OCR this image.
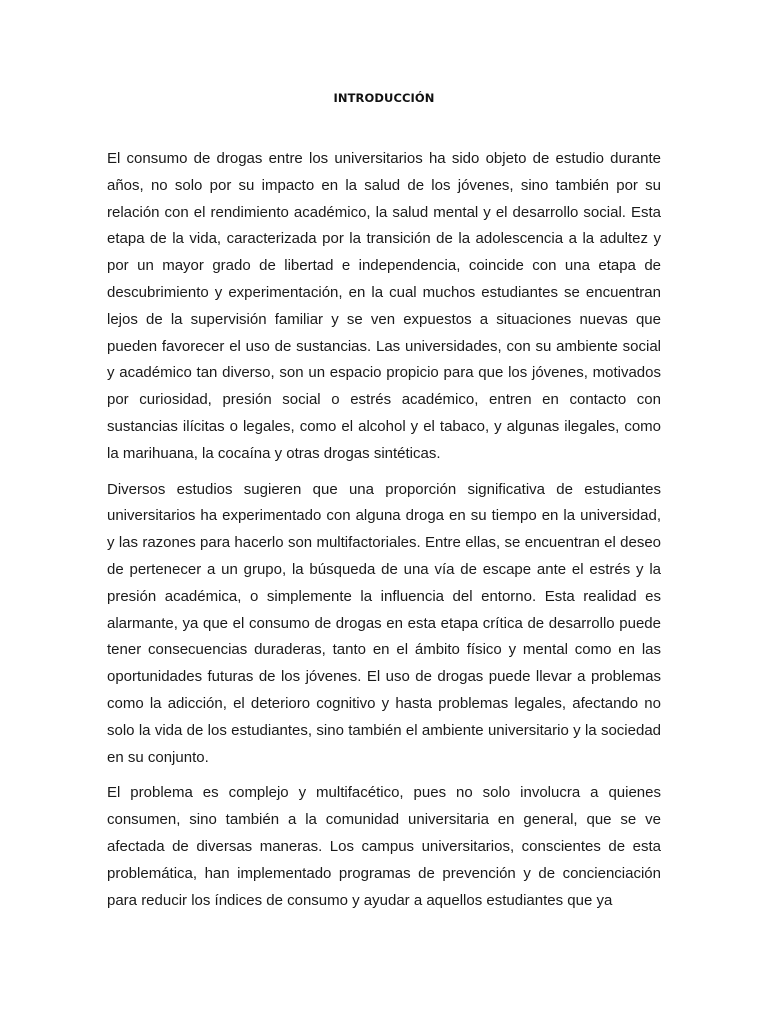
INTRODUCCIÓN

El consumo de drogas entre los universitarios ha sido objeto de estudio durante años, no solo por su impacto en la salud de los jóvenes, sino también por su relación con el rendimiento académico, la salud mental y el desarrollo social. Esta etapa de la vida, caracterizada por la transición de la adolescencia a la adultez y por un mayor grado de libertad e independencia, coincide con una etapa de descubrimiento y experimentación, en la cual muchos estudiantes se encuentran lejos de la supervisión familiar y se ven expuestos a situaciones nuevas que pueden favorecer el uso de sustancias. Las universidades, con su ambiente social y académico tan diverso, son un espacio propicio para que los jóvenes, motivados por curiosidad, presión social o estrés académico, entren en contacto con sustancias ilícitas o legales, como el alcohol y el tabaco, y algunas ilegales, como la marihuana, la cocaína y otras drogas sintéticas.

Diversos estudios sugieren que una proporción significativa de estudiantes universitarios ha experimentado con alguna droga en su tiempo en la universidad, y las razones para hacerlo son multifactoriales. Entre ellas, se encuentran el deseo de pertenecer a un grupo, la búsqueda de una vía de escape ante el estrés y la presión académica, o simplemente la influencia del entorno. Esta realidad es alarmante, ya que el consumo de drogas en esta etapa crítica de desarrollo puede tener consecuencias duraderas, tanto en el ámbito físico y mental como en las oportunidades futuras de los jóvenes. El uso de drogas puede llevar a problemas como la adicción, el deterioro cognitivo y hasta problemas legales, afectando no solo la vida de los estudiantes, sino también el ambiente universitario y la sociedad en su conjunto.

El problema es complejo y multifacético, pues no solo involucra a quienes consumen, sino también a la comunidad universitaria en general, que se ve afectada de diversas maneras. Los campus universitarios, conscientes de esta problemática, han implementado programas de prevención y de concienciación para reducir los índices de consumo y ayudar a aquellos estudiantes que ya
